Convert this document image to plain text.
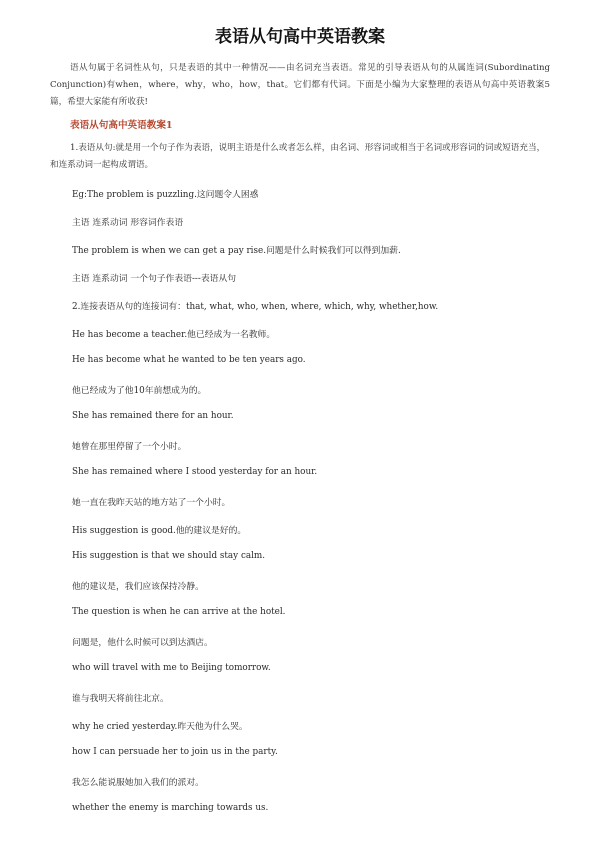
表语从句高中英语教案
语从句属于名词性从句，只是表语的其中一种情况——由名词充当表语。常见的引导表语从句的从属连词(Subordinating Conjunction)有when，where，why，who，how，that。它们都有代词。下面是小编为大家整理的表语从句高中英语教案5篇，希望大家能有所收获!
表语从句高中英语教案1
1.表语从句:就是用一个句子作为表语，说明主语是什么或者怎么样，由名词、形容词或相当于名词或形容词的词或短语充当，和连系动词一起构成谓语。
Eg:The problem is puzzling.这问题令人困惑
主语 连系动词 形容词作表语
The problem is when we can get a pay rise.问题是什么时候我们可以得到加薪.
主语 连系动词 一个句子作表语---表语从句
2.连接表语从句的连接词有：that, what, who, when, where, which, why, whether,how.
He has become a teacher.他已经成为一名教师。
He has become what he wanted to be ten years ago.
他已经成为了他10年前想成为的。
She has remained there for an hour.
她曾在那里停留了一个小时。
She has remained where I stood yesterday for an hour.
她一直在我昨天站的地方站了一个小时。
His suggestion is good.他的建议是好的。
His suggestion is that we should stay calm.
他的建议是，我们应该保持冷静。
The question is when he can arrive at the hotel.
问题是，他什么时候可以到达酒店。
who will travel with me to Beijing tomorrow.
谁与我明天将前往北京。
why he cried yesterday.昨天他为什么哭。
how I can persuade her to join us in the party.
我怎么能说服她加入我们的派对。
whether the enemy is marching towards us.
